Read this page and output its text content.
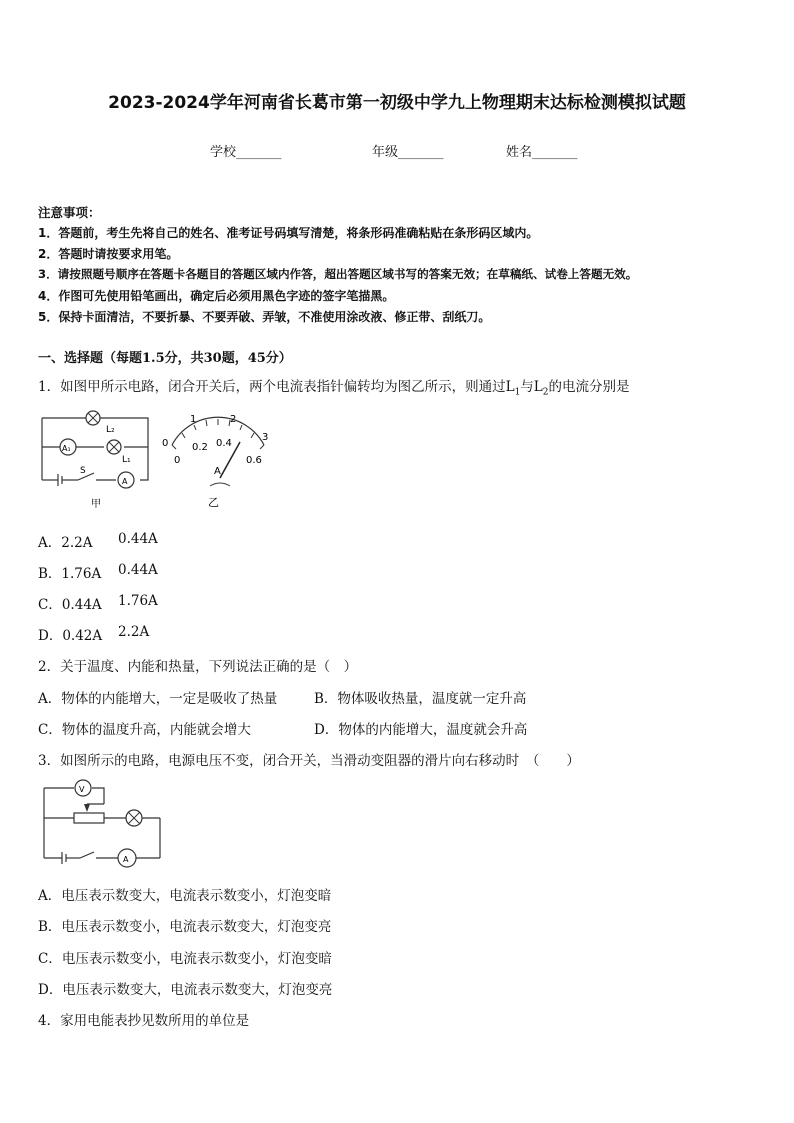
2023-2024学年河南省长葛市第一初级中学九上物理期末达标检测模拟试题
学校_______	年级_______	姓名_______
注意事项：
1．答题前，考生先将自己的姓名、准考证号码填写清楚，将条形码准确粘贴在条形码区域内。
2．答题时请按要求用笔。
3．请按照题号顺序在答题卡各题目的答题区域内作答，超出答题区域书写的答案无效；在草稿纸、试卷上答题无效。
4．作图可先使用铅笔画出，确定后必须用黑色字迹的签字笔描黑。
5．保持卡面清洁，不要折暴、不要弄破、弄皱，不准使用涂改液、修正带、刮纸刀。
一、选择题（每题1.5分，共30题，45分）
1．如图甲所示电路，闭合开关后，两个电流表指针偏转均为图乙所示，则通过$L_1$与$L_2$的电流分别是
L₂
A₁
L₁
S
A
甲
1	2
3
0
0
0.2 0.4
0.6
A
乙
A．2.2A 0.44A
B．1.76A 0.44A
C．0.44A 1.76A
D．0.42A 2.2A
2．关于温度、内能和热量，下列说法正确的是（　）
A．物体的内能增大，一定是吸收了热量	B．物体吸收热量，温度就一定升高
C．物体的温度升高，内能就会增大	D．物体的内能增大，温度就会升高
3．如图所示的电路，电源电压不变，闭合开关，当滑动变阻器的滑片向右移动时　（　　）
V
A
A．电压表示数变大，电流表示数变小，灯泡变暗
B．电压表示数变小，电流表示数变大，灯泡变亮
C．电压表示数变小，电流表示数变小，灯泡变暗
D．电压表示数变大，电流表示数变大，灯泡变亮
4．家用电能表抄见数所用的单位是
